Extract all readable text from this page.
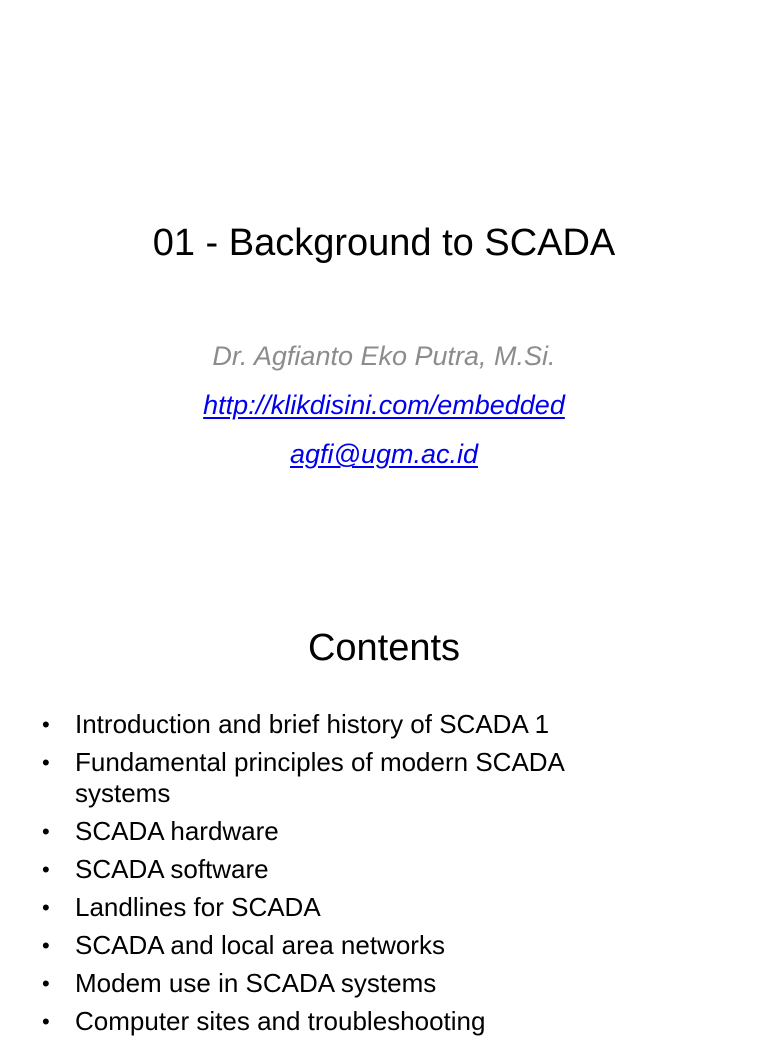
01 - Background to SCADA
Dr. Agfianto Eko Putra, M.Si.
http://klikdisini.com/embedded
agfi@ugm.ac.id
Contents
• Introduction and brief history of SCADA 1
• Fundamental principles of modern SCADA systems
• SCADA hardware
• SCADA software
• Landlines for SCADA
• SCADA and local area networks
• Modem use in SCADA systems
• Computer sites and troubleshooting
